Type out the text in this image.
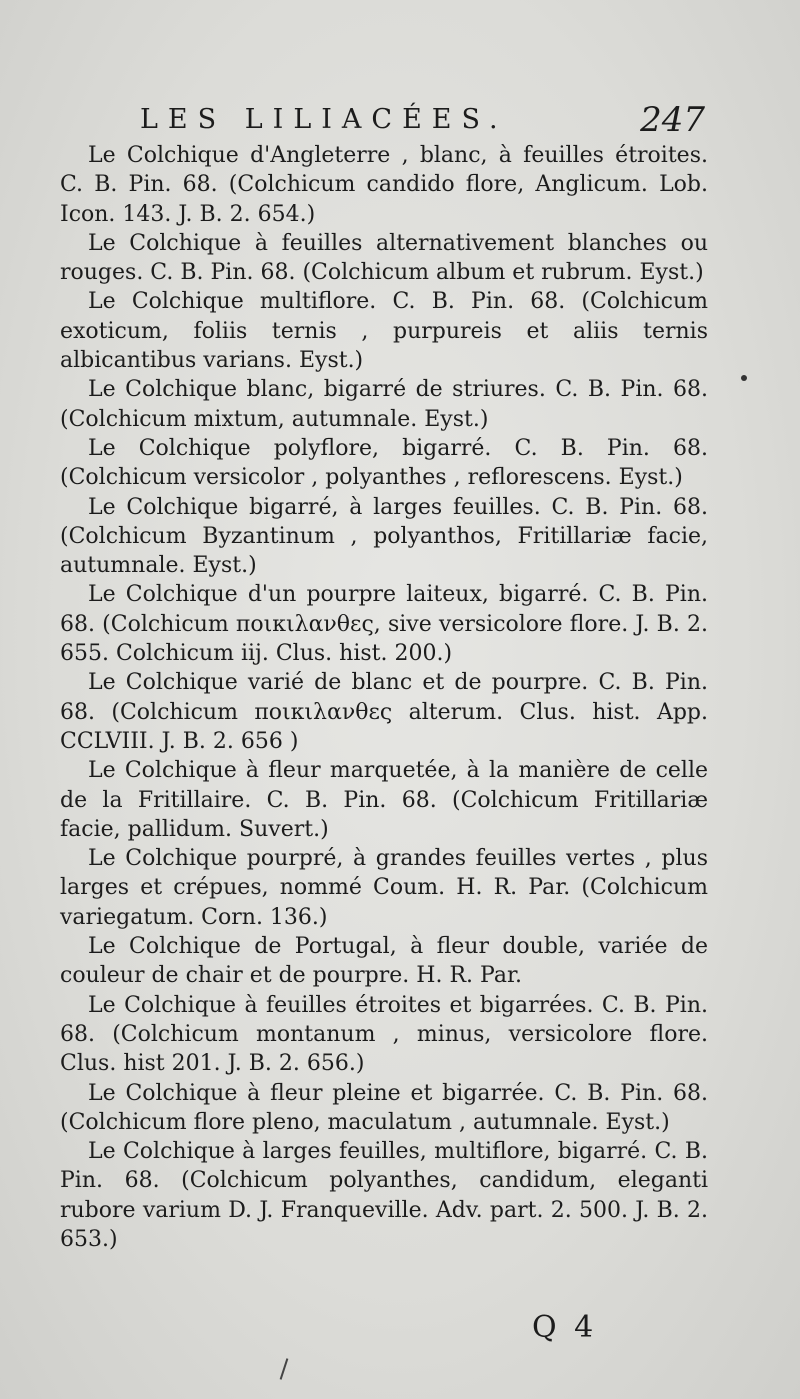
LES LILIACÉES.	247

Le Colchique d'Angleterre , blanc, à feuilles étroites. C. B. Pin. 68. (Colchicum candido flore, Anglicum. Lob. Icon. 143. J. B. 2. 654.)

Le Colchique à feuilles alternativement blanches ou rouges. C. B. Pin. 68. (Colchicum album et rubrum. Eyst.)

Le Colchique multiflore. C. B. Pin. 68. (Colchicum exoticum, foliis ternis , purpureis et aliis ternis albicantibus varians. Eyst.)

Le Colchique blanc, bigarré de striures. C. B. Pin. 68. (Colchicum mixtum, autumnale. Eyst.)

Le Colchique polyflore, bigarré. C. B. Pin. 68. (Colchicum versicolor , polyanthes , reflorescens. Eyst.)

Le Colchique bigarré, à larges feuilles. C. B. Pin. 68. (Colchicum Byzantinum , polyanthos, Fritillariæ facie, autumnale. Eyst.)

Le Colchique d'un pourpre laiteux, bigarré. C. B. Pin. 68. (Colchicum ποικιλανθες, sive versicolore flore. J. B. 2. 655. Colchicum iij. Clus. hist. 200.)

Le Colchique varié de blanc et de pourpre. C. B. Pin. 68. (Colchicum ποικιλανθες alterum. Clus. hist. App. CCLVIII. J. B. 2. 656 )

Le Colchique à fleur marquetée, à la manière de celle de la Fritillaire. C. B. Pin. 68. (Colchicum Fritillariæ facie, pallidum. Suvert.)

Le Colchique pourpré, à grandes feuilles vertes , plus larges et crépues, nommé Coum. H. R. Par. (Colchicum variegatum. Corn. 136.)

Le Colchique de Portugal, à fleur double, variée de couleur de chair et de pourpre. H. R. Par.

Le Colchique à feuilles étroites et bigarrées. C. B. Pin. 68. (Colchicum montanum , minus, versicolore flore. Clus. hist 201. J. B. 2. 656.)

Le Colchique à fleur pleine et bigarrée. C. B. Pin. 68. (Colchicum flore pleno, maculatum , autumnale. Eyst.)

Le Colchique à larges feuilles, multiflore, bigarré. C. B. Pin. 68. (Colchicum polyanthes, candidum, eleganti rubore varium D. J. Franqueville. Adv. part. 2. 500. J. B. 2. 653.)

Q 4
